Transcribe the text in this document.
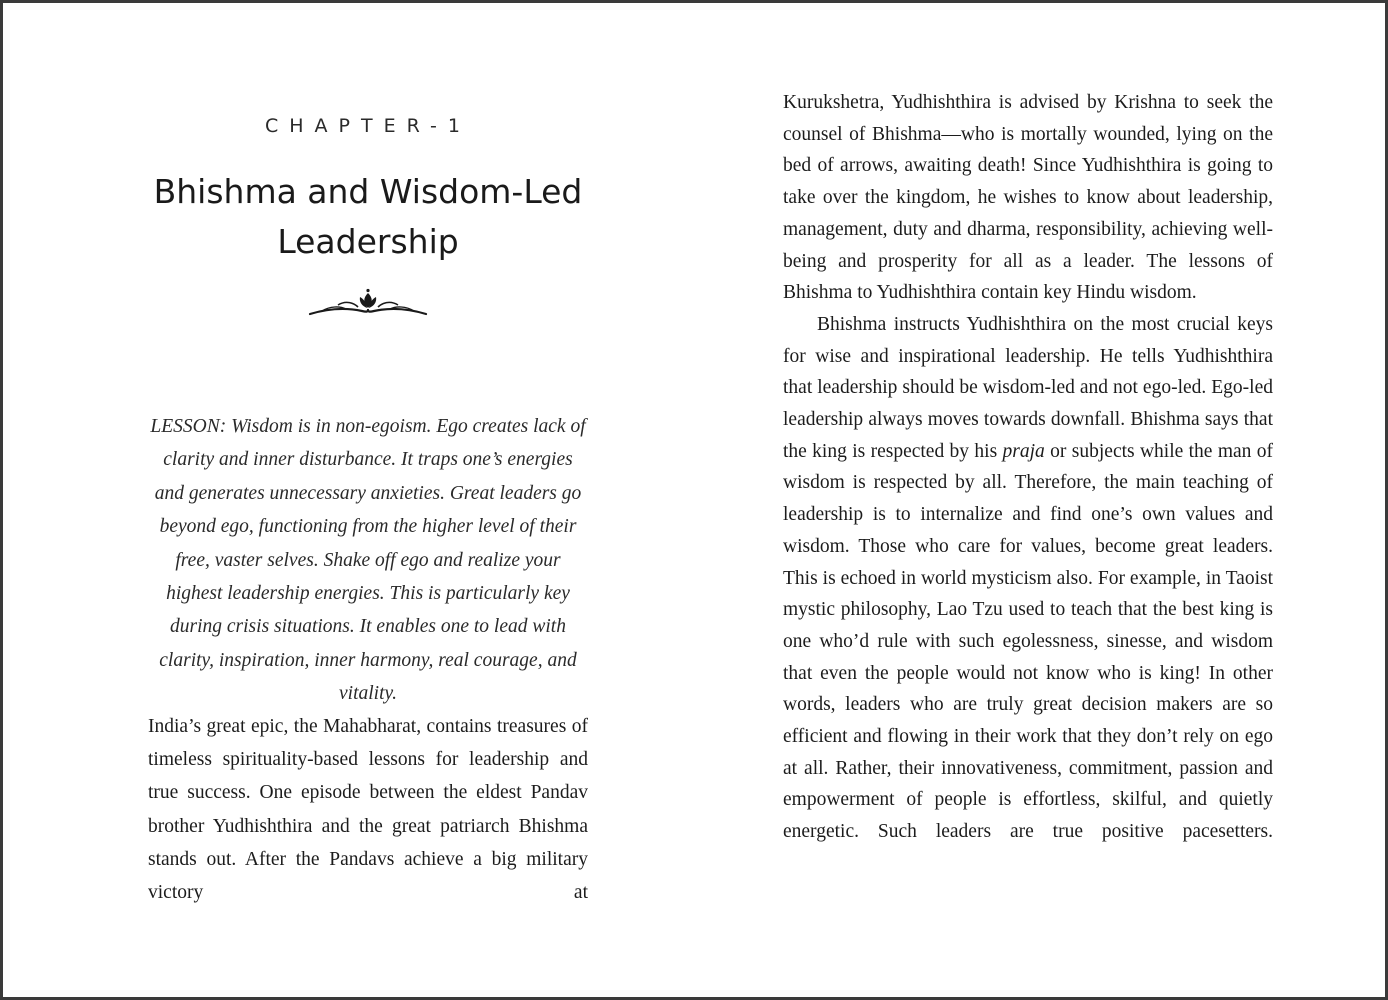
CHAPTER-1
Bhishma and Wisdom-Led
Leadership

LESSON: Wisdom is in non-egoism. Ego creates lack of clarity and inner disturbance. It traps one’s energies and generates unnecessary anxieties. Great leaders go beyond ego, functioning from the higher level of their free, vaster selves. Shake off ego and realize your highest leadership energies. This is particularly key during crisis situations. It enables one to lead with clarity, inspiration, inner harmony, real courage, and vitality.

India’s great epic, the Mahabharat, contains treasures of timeless spirituality-based lessons for leadership and true success. One episode between the eldest Pandav brother Yudhishthira and the great patriarch Bhishma stands out. After the Pandavs achieve a big military victory at

Kurukshetra, Yudhishthira is advised by Krishna to seek the counsel of Bhishma—who is mortally wounded, lying on the bed of arrows, awaiting death! Since Yudhishthira is going to take over the kingdom, he wishes to know about leadership, management, duty and dharma, responsibility, achieving well-being and prosperity for all as a leader. The lessons of Bhishma to Yudhishthira contain key Hindu wisdom.

Bhishma instructs Yudhishthira on the most crucial keys for wise and inspirational leadership. He tells Yudhishthira that leadership should be wisdom-led and not ego-led. Ego-led leadership always moves towards downfall. Bhishma says that the king is respected by his praja or subjects while the man of wisdom is respected by all. Therefore, the main teaching of leadership is to internalize and find one’s own values and wisdom. Those who care for values, become great leaders. This is echoed in world mysticism also. For example, in Taoist mystic philosophy, Lao Tzu used to teach that the best king is one who’d rule with such egolessness, sinesse, and wisdom that even the people would not know who is king! In other words, leaders who are truly great decision makers are so efficient and flowing in their work that they don’t rely on ego at all. Rather, their innovativeness, commitment, passion and empowerment of people is effortless, skilful, and quietly energetic. Such leaders are true positive pacesetters.
